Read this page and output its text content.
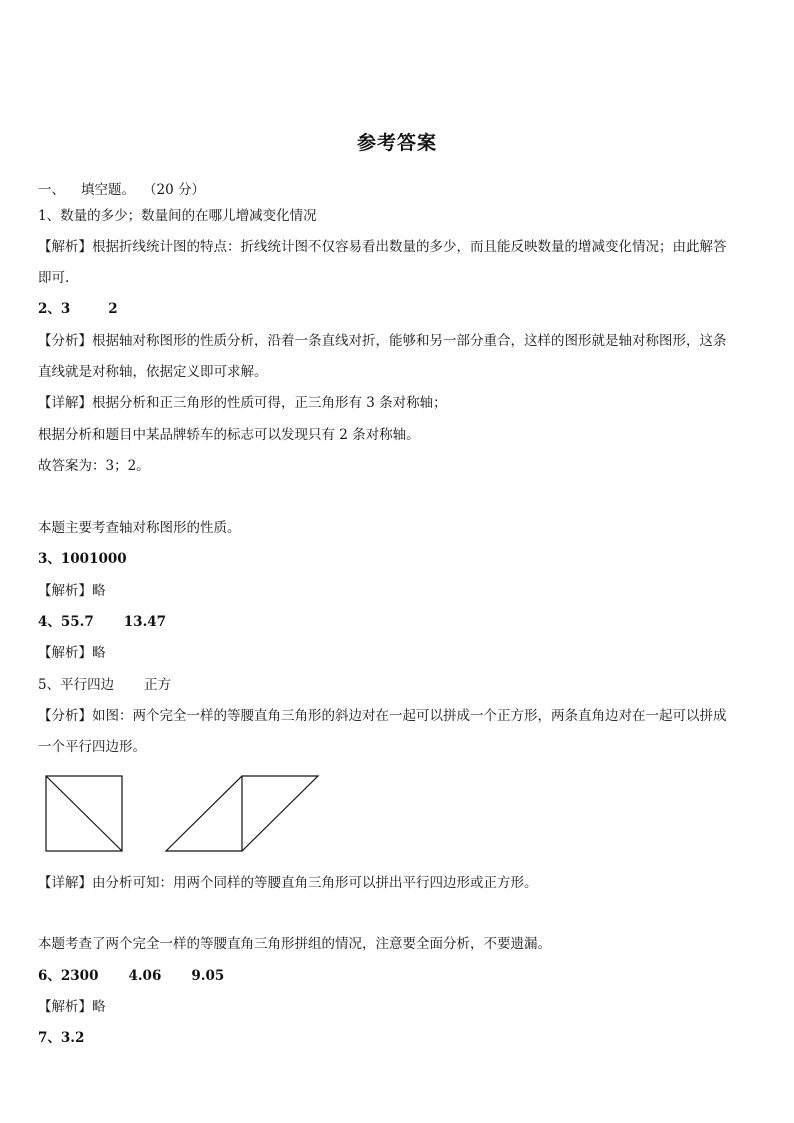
参考答案
一、 填空题。 （20 分）
1、数量的多少；数量间的在哪儿增减变化情况
【解析】根据折线统计图的特点：折线统计图不仅容易看出数量的多少，而且能反映数量的增减变化情况；由此解答
即可.
2、3	2
【分析】根据轴对称图形的性质分析，沿着一条直线对折，能够和另一部分重合，这样的图形就是轴对称图形，这条
直线就是对称轴，依据定义即可求解。
【详解】根据分析和正三角形的性质可得，正三角形有 3 条对称轴；
根据分析和题目中某品牌轿车的标志可以发现只有 2 条对称轴。
故答案为：3；2。
本题主要考查轴对称图形的性质。
3、1001000
【解析】略
4、55.7 13.47
【解析】略
5、平行四边 正方
【分析】如图：两个完全一样的等腰直角三角形的斜边对在一起可以拼成一个正方形，两条直角边对在一起可以拼成
一个平行四边形。
【详解】由分析可知：用两个同样的等腰直角三角形可以拼出平行四边形或正方形。
本题考查了两个完全一样的等腰直角三角形拼组的情况，注意要全面分析，不要遗漏。
6、2300 4.06 9.05
【解析】略
7、3.2
